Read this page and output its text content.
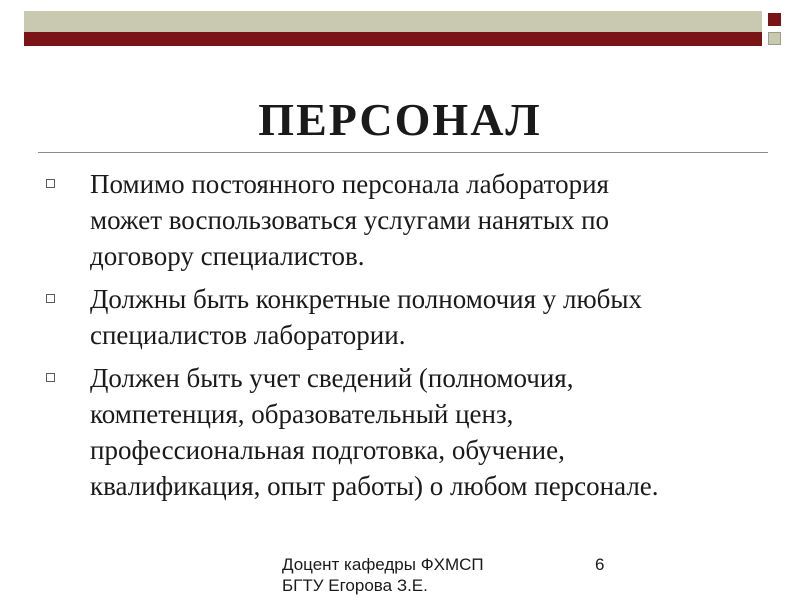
ПЕРСОНАЛ
Помимо постоянного персонала лаборатория
может воспользоваться услугами нанятых по
договору специалистов.
Должны быть конкретные полномочия у любых
специалистов лаборатории.
Должен быть учет сведений (полномочия,
компетенция, образовательный ценз,
профессиональная подготовка, обучение,
квалификация, опыт работы) о любом персонале.
Доцент кафедры ФХМСП
БГТУ Егорова З.Е.
6
